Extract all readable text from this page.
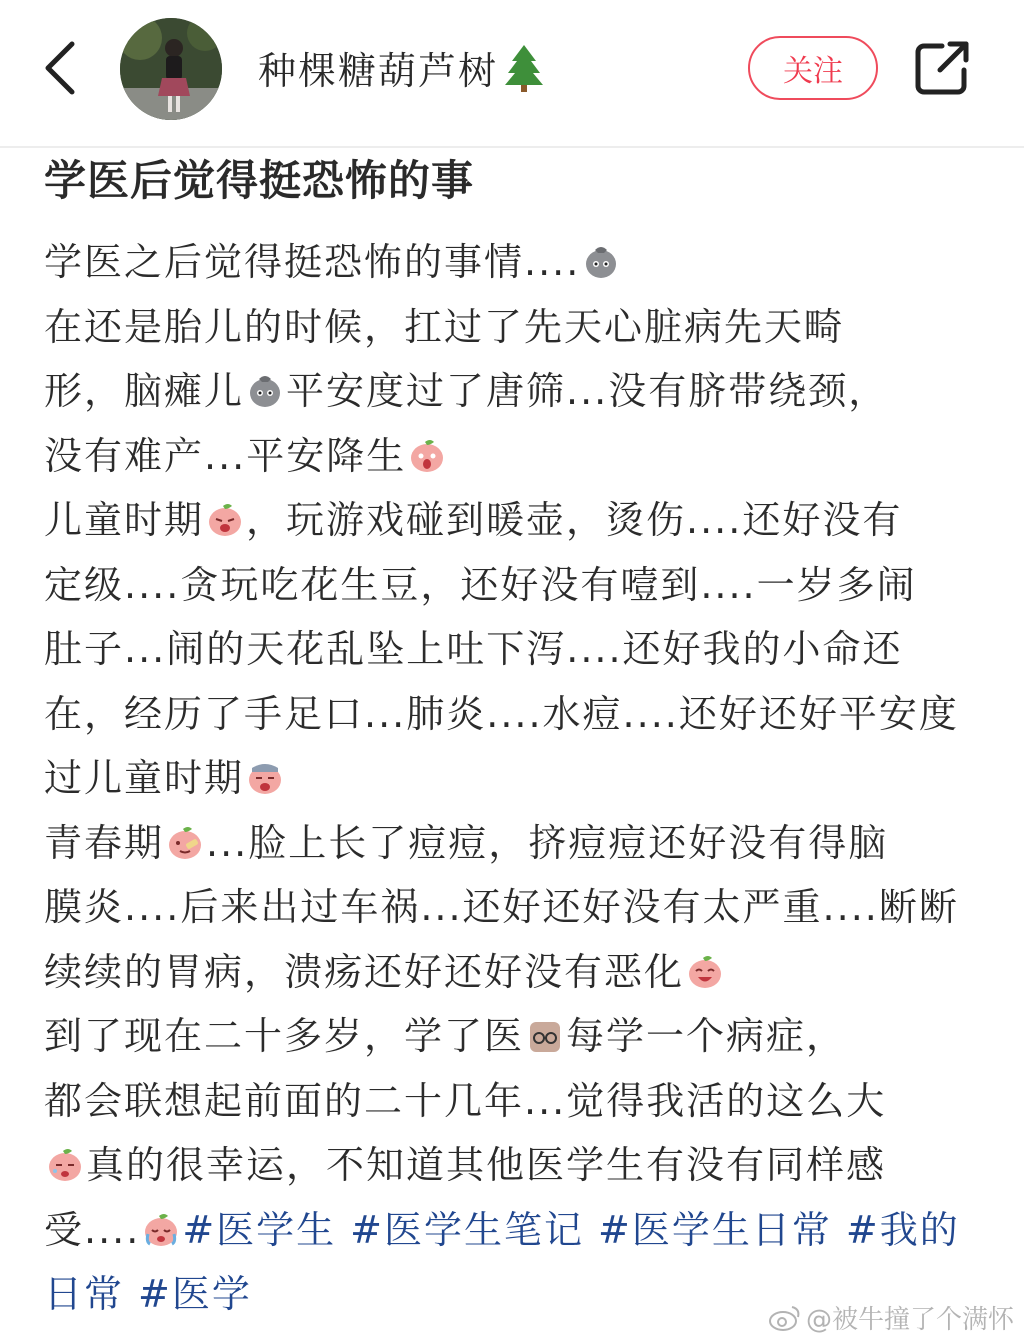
种棵糖葫芦树	关注
学医后觉得挺恐怖的事

学医之后觉得挺恐怖的事情....

在还是胎儿的时候，扛过了先天心脏病先天畸

形，脑瘫儿 平安度过了唐筛...没有脐带绕颈，

没有难产...平安降生

儿童时期 ，玩游戏碰到暖壶，烫伤....还好没有

定级....贪玩吃花生豆，还好没有噎到....一岁多闹

肚子...闹的天花乱坠上吐下泻....还好我的小命还

在，经历了手足口...肺炎....水痘....还好还好平安度

过儿童时期

青春期 ...脸上长了痘痘，挤痘痘还好没有得脑

膜炎....后来出过车祸...还好还好没有太严重....断断

续续的胃病，溃疡还好还好没有恶化

到了现在二十多岁，学了医 每学一个病症，

都会联想起前面的二十几年...觉得我活的这么大

真的很幸运，不知道其他医学生有没有同样感

受.... #医学生 #医学生笔记 #医学生日常 #我的日常 #医学

@被牛撞了个满怀
